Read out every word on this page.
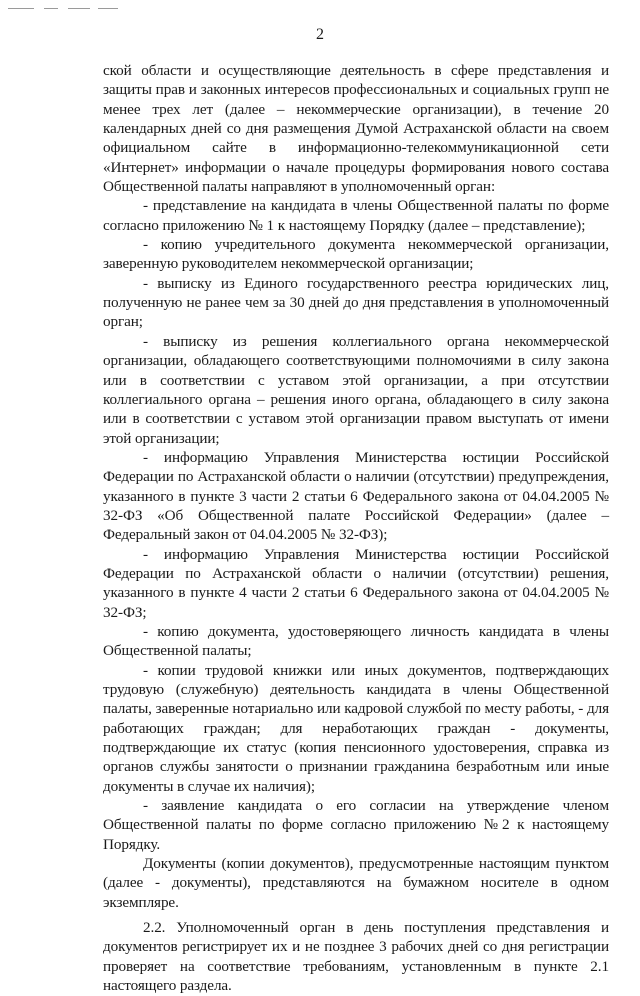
2

ской области и осуществляющие деятельность в сфере представления и защиты прав и законных интересов профессиональных и социальных групп не менее трех лет (далее – некоммерческие организации), в течение 20 календарных дней со дня размещения Думой Астраханской области на своем официальном сайте в информационно-телекоммуникационной сети «Интернет» информации о начале процедуры формирования нового состава Общественной палаты направляют в уполномоченный орган:

- представление на кандидата в члены Общественной палаты по форме согласно приложению № 1 к настоящему Порядку (далее – представление);

- копию учредительного документа некоммерческой организации, заверенную руководителем некоммерческой организации;

- выписку из Единого государственного реестра юридических лиц, полученную не ранее чем за 30 дней до дня представления в уполномоченный орган;

- выписку из решения коллегиального органа некоммерческой организации, обладающего соответствующими полномочиями в силу закона или в соответствии с уставом этой организации, а при отсутствии коллегиального органа – решения иного органа, обладающего в силу закона или в соответствии с уставом этой организации правом выступать от имени этой организации;

- информацию Управления Министерства юстиции Российской Федерации по Астраханской области о наличии (отсутствии) предупреждения, указанного в пункте 3 части 2 статьи 6 Федерального закона от 04.04.2005 № 32-ФЗ «Об Общественной палате Российской Федерации» (далее – Федеральный закон от 04.04.2005 № 32-ФЗ);

- информацию Управления Министерства юстиции Российской Федерации по Астраханской области о наличии (отсутствии) решения, указанного в пункте 4 части 2 статьи 6 Федерального закона от 04.04.2005 № 32-ФЗ;

- копию документа, удостоверяющего личность кандидата в члены Общественной палаты;

- копии трудовой книжки или иных документов, подтверждающих трудовую (служебную) деятельность кандидата в члены Общественной палаты, заверенные нотариально или кадровой службой по месту работы, - для работающих граждан; для неработающих граждан - документы, подтверждающие их статус (копия пенсионного удостоверения, справка из органов службы занятости о признании гражданина безработным или иные документы в случае их наличия);

- заявление кандидата о его согласии на утверждение членом Общественной палаты по форме согласно приложению №2 к настоящему Порядку.

Документы (копии документов), предусмотренные настоящим пунктом (далее - документы), представляются на бумажном носителе в одном экземпляре.

2.2. Уполномоченный орган в день поступления представления и документов регистрирует их и не позднее 3 рабочих дней со дня регистрации проверяет на соответствие требованиям, установленным в пункте 2.1 настоящего раздела.
